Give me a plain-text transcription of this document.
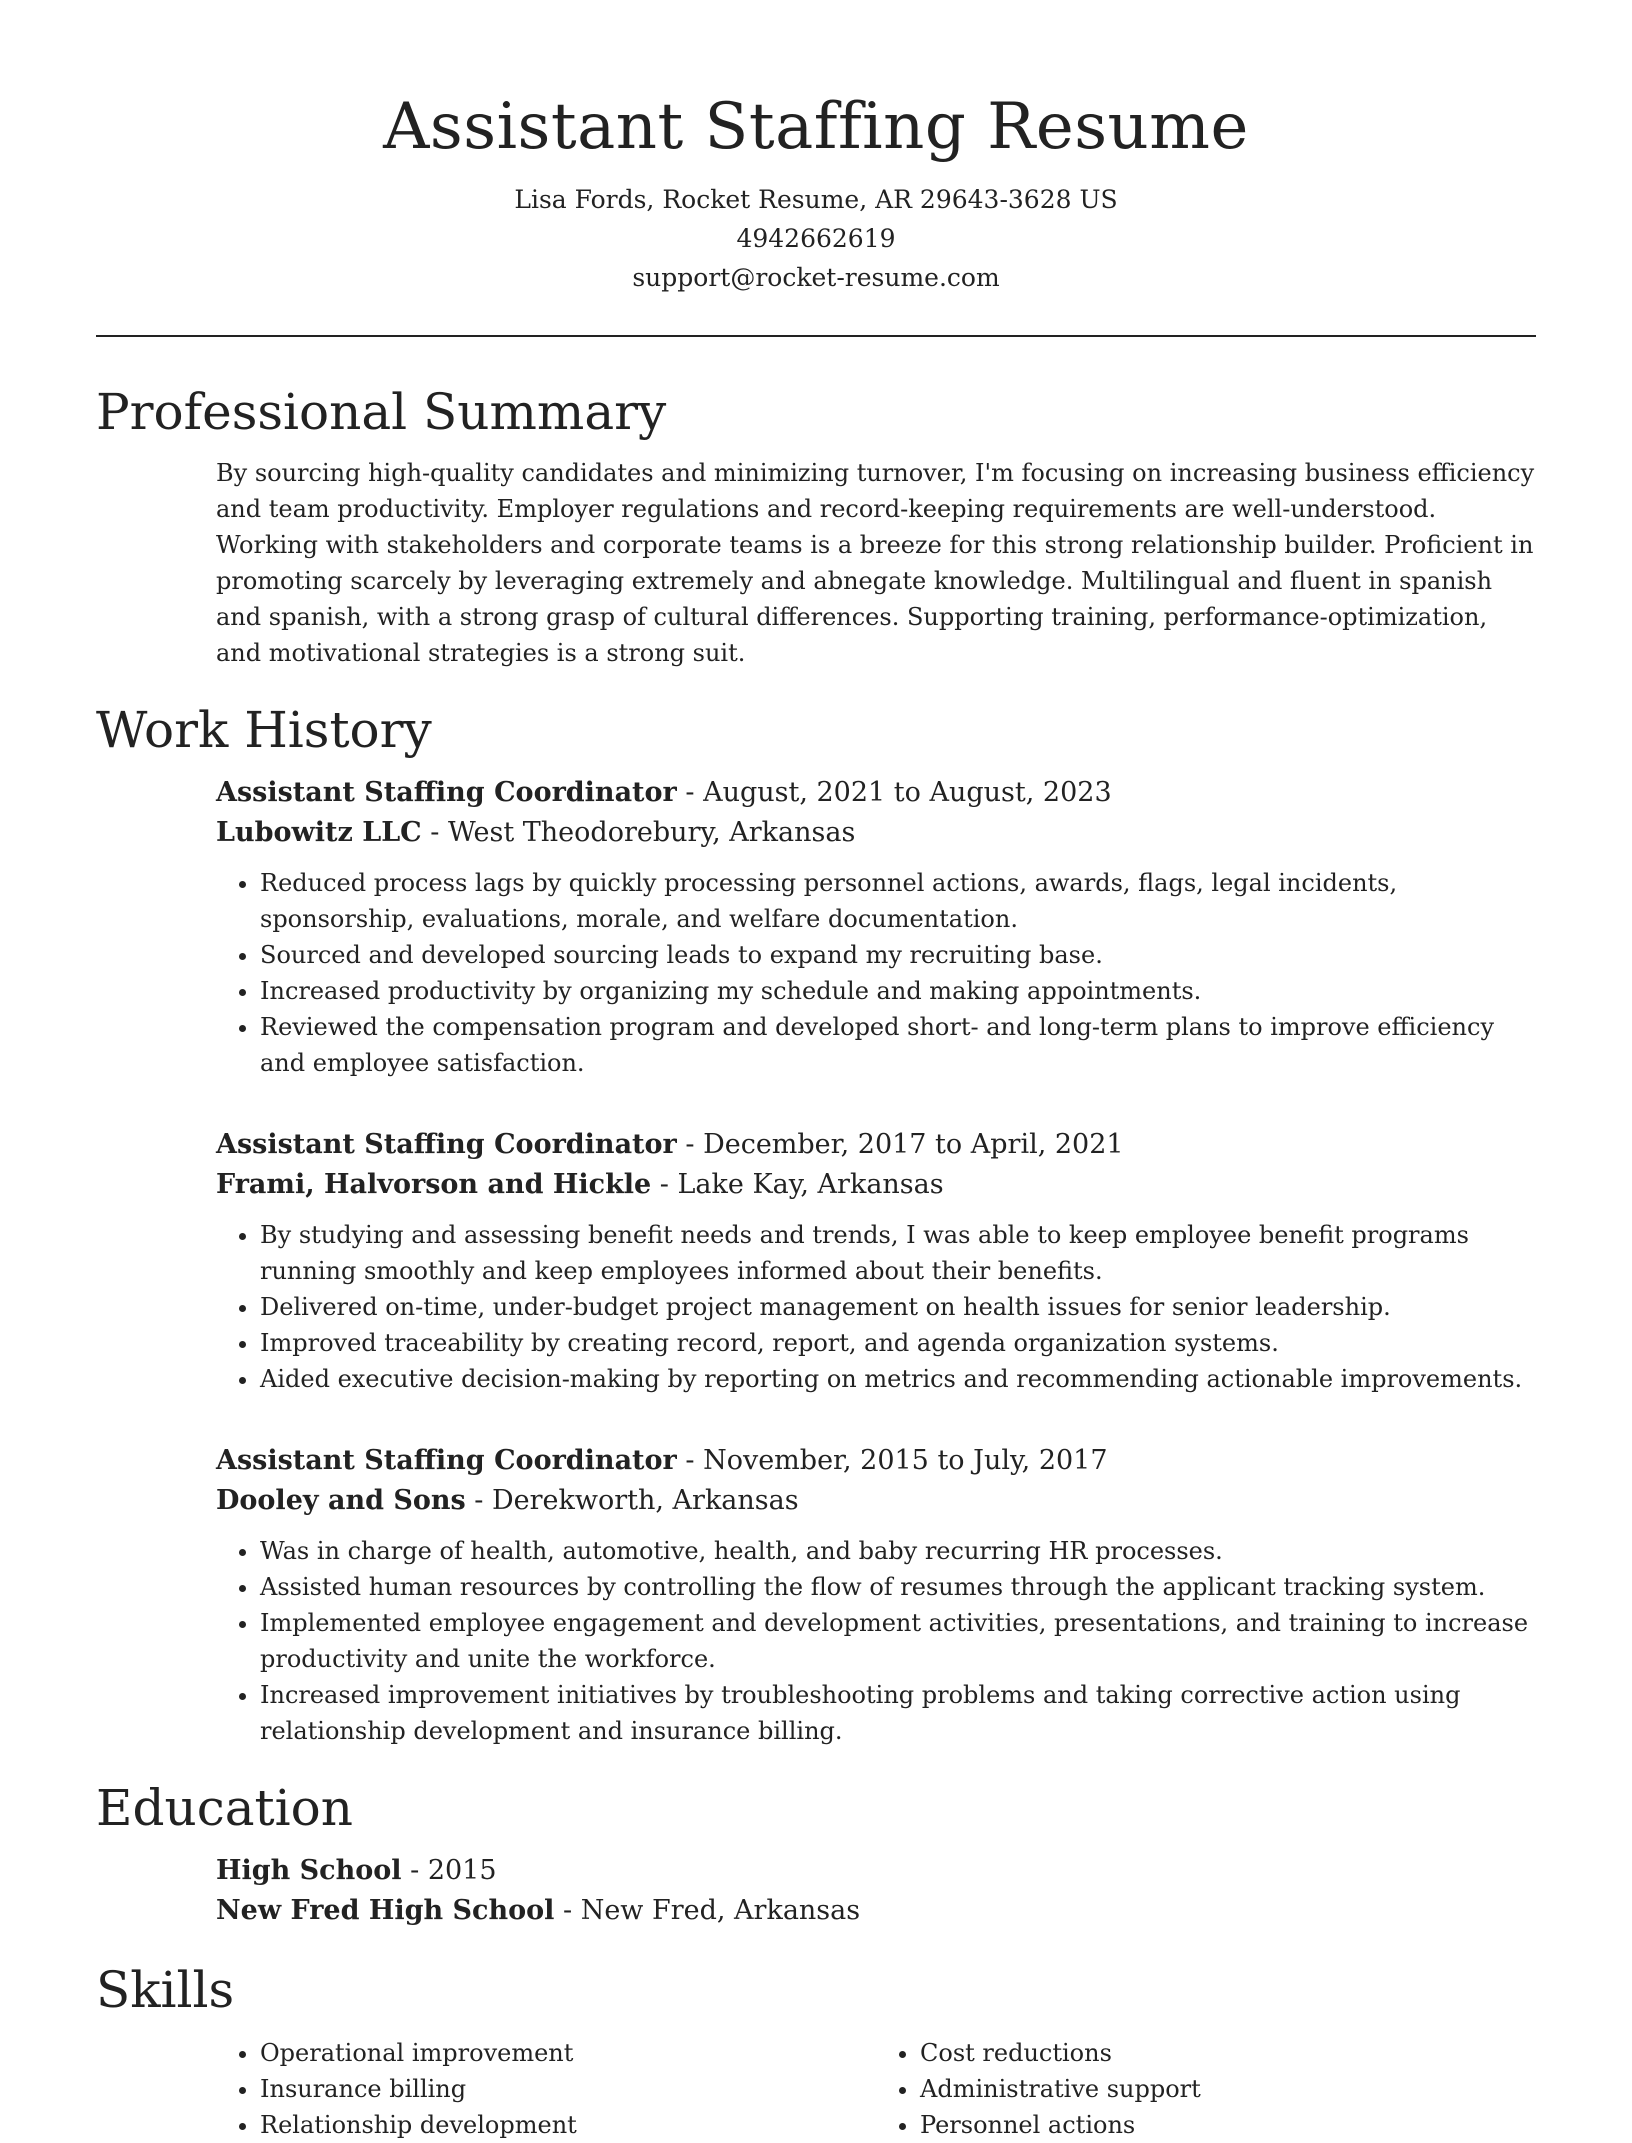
Assistant Staffing Resume

Lisa Fords, Rocket Resume, AR 29643-3628 US

4942662619

support@rocket-resume.com

Professional Summary

By sourcing high-quality candidates and minimizing turnover, I'm focusing on increasing business efficiency and team productivity. Employer regulations and record-keeping requirements are well-understood. Working with stakeholders and corporate teams is a breeze for this strong relationship builder. Proficient in promoting scarcely by leveraging extremely and abnegate knowledge. Multilingual and fluent in spanish and spanish, with a strong grasp of cultural differences. Supporting training, performance-optimization, and motivational strategies is a strong suit.

Work History

Assistant Staffing Coordinator - August, 2021 to August, 2023

Lubowitz LLC - West Theodorebury, Arkansas

• Reduced process lags by quickly processing personnel actions, awards, flags, legal incidents, sponsorship, evaluations, morale, and welfare documentation.
• Sourced and developed sourcing leads to expand my recruiting base.
• Increased productivity by organizing my schedule and making appointments.
• Reviewed the compensation program and developed short- and long-term plans to improve efficiency and employee satisfaction.

Assistant Staffing Coordinator - December, 2017 to April, 2021

Frami, Halvorson and Hickle - Lake Kay, Arkansas

• By studying and assessing benefit needs and trends, I was able to keep employee benefit programs running smoothly and keep employees informed about their benefits.
• Delivered on-time, under-budget project management on health issues for senior leadership.
• Improved traceability by creating record, report, and agenda organization systems.
• Aided executive decision-making by reporting on metrics and recommending actionable improvements.

Assistant Staffing Coordinator - November, 2015 to July, 2017

Dooley and Sons - Derekworth, Arkansas

• Was in charge of health, automotive, health, and baby recurring HR processes.
• Assisted human resources by controlling the flow of resumes through the applicant tracking system.
• Implemented employee engagement and development activities, presentations, and training to increase productivity and unite the workforce.
• Increased improvement initiatives by troubleshooting problems and taking corrective action using relationship development and insurance billing.
Education

High School - 2015

New Fred High School - New Fred, Arkansas

Skills
• Operational improvement
• Insurance billing
• Relationship development
• Cost reductions
• Administrative support
• Personnel actions
